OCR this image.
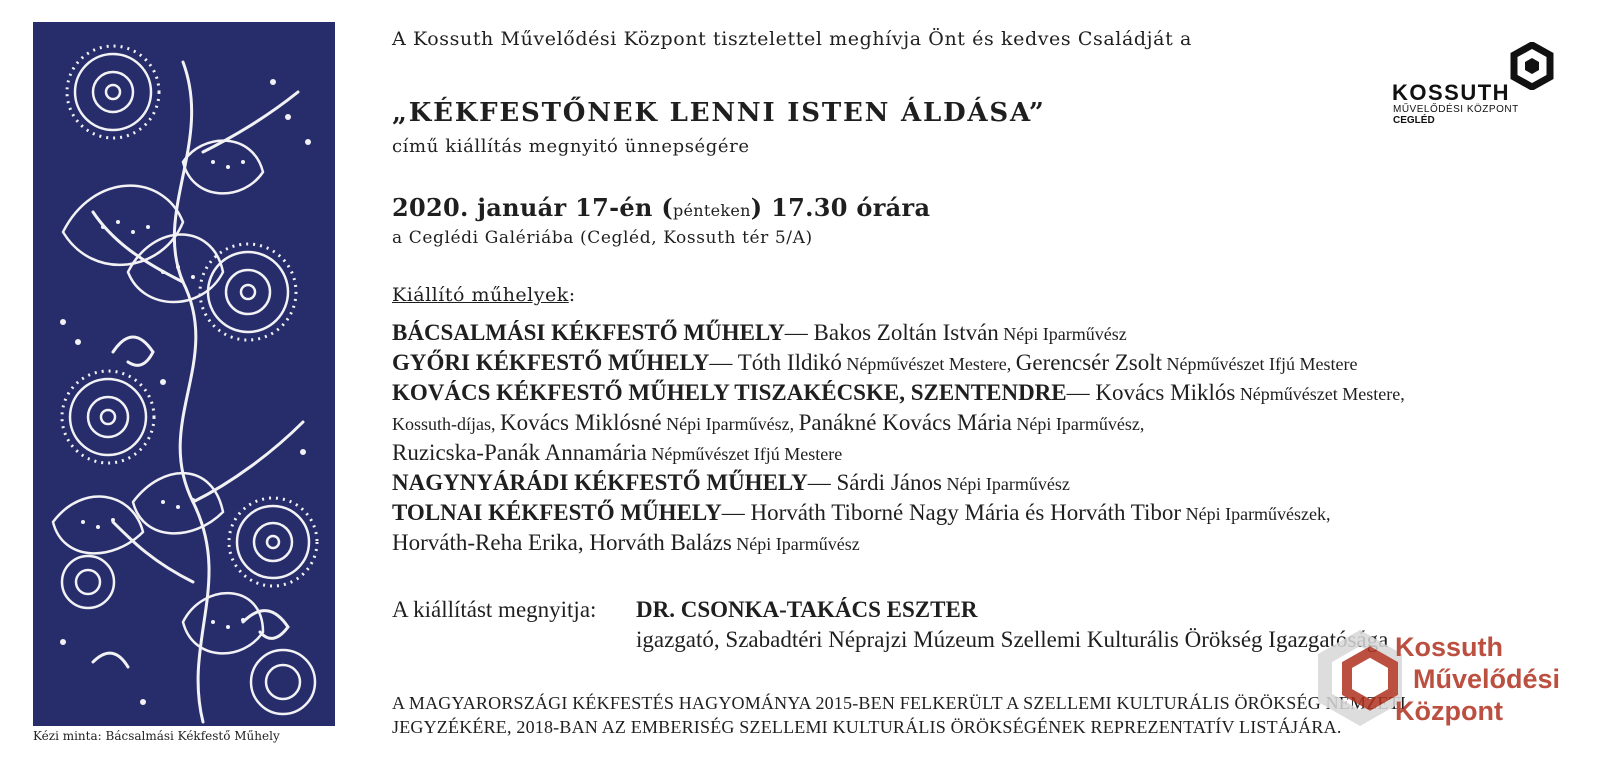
Kézi minta: Bácsalmási Kékfestő Műhely
A Kossuth Művelődési Központ tisztelettel meghívja Önt és kedves Családját a
„KÉKFESTŐNEK LENNI ISTEN ÁLDÁSA”
című kiállítás megnyitó ünnepségére
2020. január 17-én (pénteken) 17.30 órára
a Ceglédi Galériába (Cegléd, Kossuth tér 5/A)
Kiállító műhelyek:
BÁCSALMÁSI KÉKFESTŐ MŰHELY— Bakos Zoltán István Népi Iparművész
GYŐRI KÉKFESTŐ MŰHELY— Tóth Ildikó Népművészet Mestere, Gerencsér Zsolt Népművészet Ifjú Mestere
KOVÁCS KÉKFESTŐ MŰHELY TISZAKÉCSKE, SZENTENDRE— Kovács Miklós Népművészet Mestere,
Kossuth-díjas, Kovács Miklósné Népi Iparművész, Panákné Kovács Mária Népi Iparművész,
Ruzicska-Panák Annamária Népművészet Ifjú Mestere
NAGYNYÁRÁDI KÉKFESTŐ MŰHELY— Sárdi János Népi Iparművész
TOLNAI KÉKFESTŐ MŰHELY— Horváth Tiborné Nagy Mária és Horváth Tibor Népi Iparművészek,
Horváth-Reha Erika, Horváth Balázs Népi Iparművész
A kiállítást megnyitja: DR. CSONKA-TAKÁCS ESZTER
igazgató, Szabadtéri Néprajzi Múzeum Szellemi Kulturális Örökség Igazgatósága
A MAGYARORSZÁGI KÉKFESTÉS HAGYOMÁNYA 2015-BEN FELKERÜLT A SZELLEMI KULTURÁLIS ÖRÖKSÉG NEMZETI
JEGYZÉKÉRE, 2018-BAN AZ EMBERISÉG SZELLEMI KULTURÁLIS ÖRÖKSÉGÉNEK REPREZENTATÍV LISTÁJÁRA.
KOSSUTH
MŰVELŐDÉSI KÖZPONT
CEGLÉD
Kossuth
Művelődési
Központ
